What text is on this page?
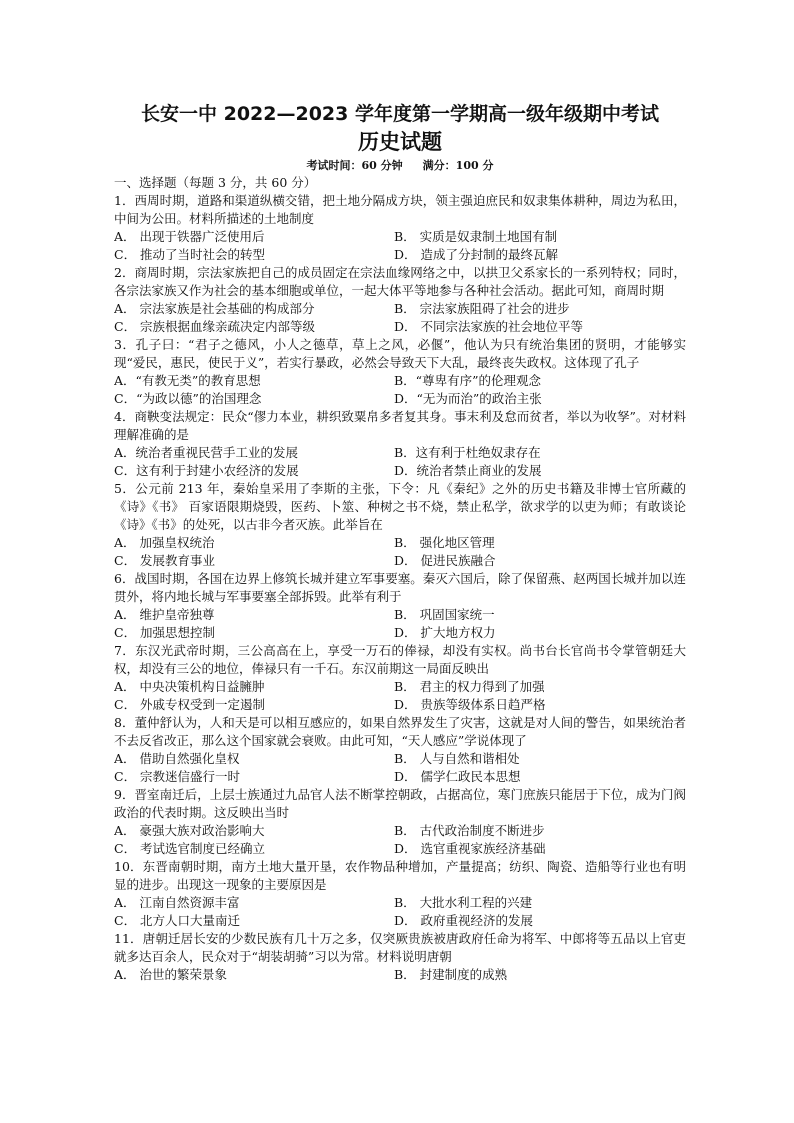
长安一中 2022—2023 学年度第一学期高一级年级期中考试
历史试题
考试时间：60 分钟 满分：100 分
一、选择题（每题 3 分，共 60 分）
1．西周时期，道路和渠道纵横交错，把土地分隔成方块，领主强迫庶民和奴隶集体耕种，周边为私田，中间为公田。材料所描述的土地制度
A． 出现于铁器广泛使用后	B． 实质是奴隶制土地国有制
C． 推动了当时社会的转型	D． 造成了分封制的最终瓦解
2．商周时期，宗法家族把自己的成员固定在宗法血缘网络之中，以拱卫父系家长的一系列特权；同时，各宗法家族又作为社会的基本细胞或单位，一起大体平等地参与各种社会活动。据此可知，商周时期
A． 宗法家族是社会基础的构成部分	B． 宗法家族阻碍了社会的进步
C． 宗族根据血缘亲疏决定内部等级	D． 不同宗法家族的社会地位平等
3．孔子曰：“君子之德风，小人之德草，草上之风，必偃”，他认为只有统治集团的贤明，才能够实现“爱民，惠民，使民于义”，若实行暴政，必然会导致天下大乱，最终丧失政权。这体现了孔子
A．“有教无类”的教育思想	B．“尊卑有序”的伦理观念
C．“为政以德”的治国理念	D．“无为而治”的政治主张
4．商鞅变法规定：民众“僇力本业，耕织致粟帛多者复其身。事末利及怠而贫者，举以为收孥”。对材料理解准确的是
A．统治者重视民营手工业的发展	B．这有利于杜绝奴隶存在
C．这有利于封建小农经济的发展	D．统治者禁止商业的发展
5．公元前 213 年，秦始皇采用了李斯的主张，下令：凡《秦纪》之外的历史书籍及非博士官所藏的《诗》《书》 百家语限期烧毁，医药、卜筮、种树之书不烧，禁止私学，欲求学的以吏为师；有敢谈论《诗》《书》的处死，以古非今者灭族。此举旨在
A． 加强皇权统治	B． 强化地区管理
C． 发展教育事业	D． 促进民族融合
6．战国时期，各国在边界上修筑长城并建立军事要塞。秦灭六国后，除了保留燕、赵两国长城并加以连贯外，将内地长城与军事要塞全部拆毁。此举有利于
A． 维护皇帝独尊	B． 巩固国家统一
C． 加强思想控制	D． 扩大地方权力
7．东汉光武帝时期，三公高高在上，享受一万石的俸禄，却没有实权。尚书台长官尚书令掌管朝廷大权，却没有三公的地位，俸禄只有一千石。东汉前期这一局面反映出
A． 中央决策机构日益臃肿	B． 君主的权力得到了加强
C． 外戚专权受到一定遏制	D． 贵族等级体系日趋严格
8．董仲舒认为，人和天是可以相互感应的，如果自然界发生了灾害，这就是对人间的警告，如果统治者不去反省改正，那么这个国家就会衰败。由此可知，“天人感应”学说体现了
A． 借助自然强化皇权	B． 人与自然和谐相处
C． 宗教迷信盛行一时	D． 儒学仁政民本思想
9．晋室南迁后，上层士族通过九品官人法不断掌控朝政，占据高位，寒门庶族只能居于下位，成为门阀政治的代表时期。这反映出当时
A． 豪强大族对政治影响大	B． 古代政治制度不断进步
C． 考试选官制度已经确立	D． 选官重视家族经济基础
10．东晋南朝时期，南方土地大量开垦，农作物品种增加，产量提高；纺织、陶瓷、造船等行业也有明显的进步。出现这一现象的主要原因是
A． 江南自然资源丰富	B． 大批水利工程的兴建
C． 北方人口大量南迁	D． 政府重视经济的发展
11．唐朝迁居长安的少数民族有几十万之多，仅突厥贵族被唐政府任命为将军、中郎将等五品以上官吏就多达百余人，民众对于“胡装胡骑”习以为常。材料说明唐朝
A． 治世的繁荣景象	B． 封建制度的成熟
